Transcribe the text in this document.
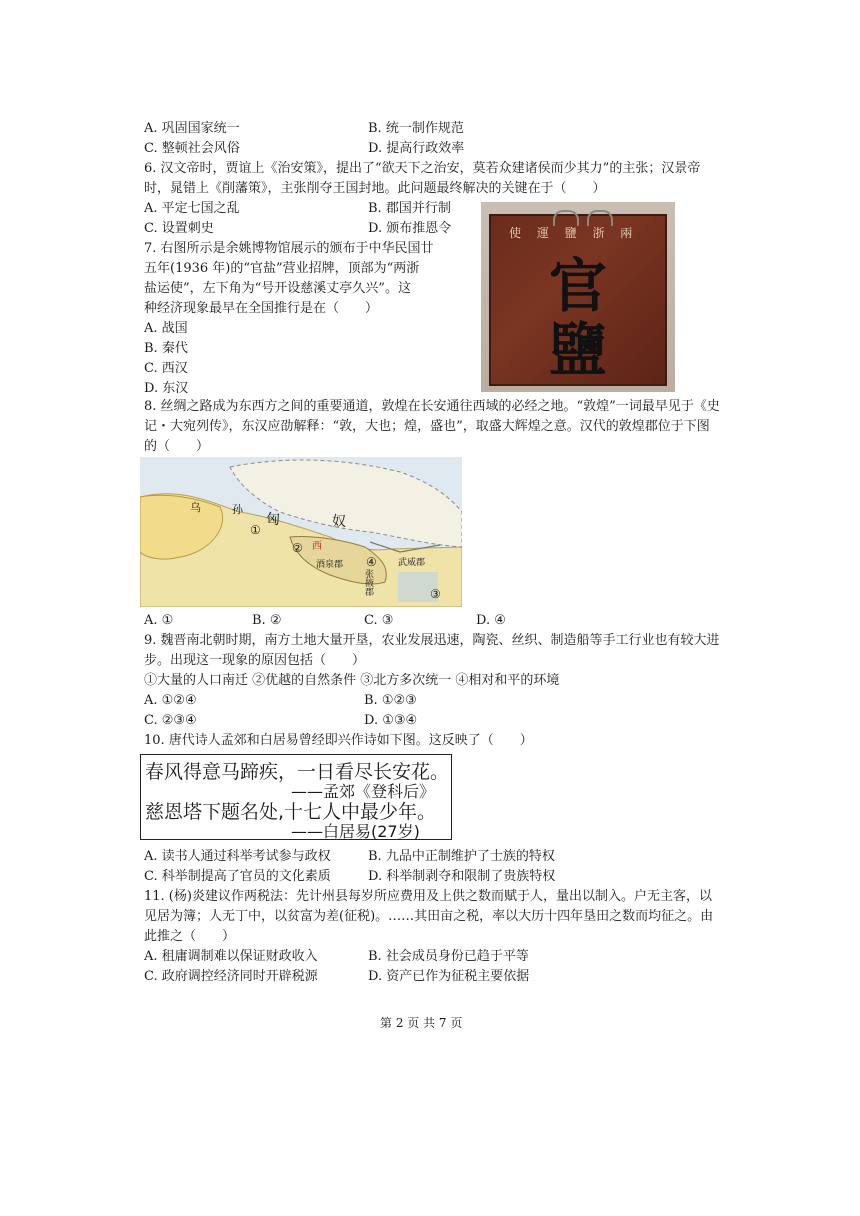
A. 巩固国家统一	B. 统一制作规范
C. 整顿社会风俗	D. 提高行政效率
6. 汉文帝时，贾谊上《治安策》，提出了“欲天下之治安，莫若众建诸侯而少其力”的主张；汉景帝
时，晁错上《削藩策》，主张削夺王国封地。此问题最终解决的关键在于（　　）
A. 平定七国之乱	B. 郡国并行制
C. 设置刺史	D. 颁布推恩令
7. 右图所示是余姚博物馆展示的颁布于中华民国廿
五年(1936 年)的“官盐”营业招牌，顶部为“两浙
盐运使”，左下角为“号开设慈溪丈亭久兴”。这
种经济现象最早在全国推行是在（　　）
A. 战国
B. 秦代
C. 西汉
D. 东汉
使 運 鹽 浙 兩
官
鹽
8. 丝绸之路成为东西方之间的重要通道，敦煌在长安通往西域的必经之地。“敦煌”一词最早见于《史
记・大宛列传》，东汉应劭解释：“敦，大也；煌，盛也”，取盛大辉煌之意。汉代的敦煌郡位于下图
的（　　）
匈	奴
乌	孙
①
② 西
④
③
酒泉郡
张掖郡
武威郡
A. ①	B. ②	C. ③	D. ④
9. 魏晋南北朝时期，南方土地大量开垦，农业发展迅速，陶瓷、丝织、制造船等手工行业也有较大进
步。出现这一现象的原因包括（　　）
①大量的人口南迁 ②优越的自然条件 ③北方多次统一 ④相对和平的环境
A. ①②④	B. ①②③
C. ②③④	D. ①③④
10. 唐代诗人孟郊和白居易曾经即兴作诗如下图。这反映了（　　）
春风得意马蹄疾，一日看尽长安花。
——孟郊《登科后》
慈恩塔下题名处,十七人中最少年。
——白居易(27岁)
A. 读书人通过科举考试参与政权	B. 九品中正制维护了士族的特权
C. 科举制提高了官员的文化素质	D. 科举制剥夺和限制了贵族特权
11. (杨)炎建议作两税法：先计州县每岁所应费用及上供之数而赋于人，量出以制入。户无主客，以
见居为簿；人无丁中，以贫富为差(征税)。……其田亩之税，率以大历十四年垦田之数而均征之。由
此推之（　　）
A. 租庸调制难以保证财政收入	B. 社会成员身份已趋于平等
C. 政府调控经济同时开辟税源	D. 资产已作为征税主要依据
第 2 页 共 7 页
